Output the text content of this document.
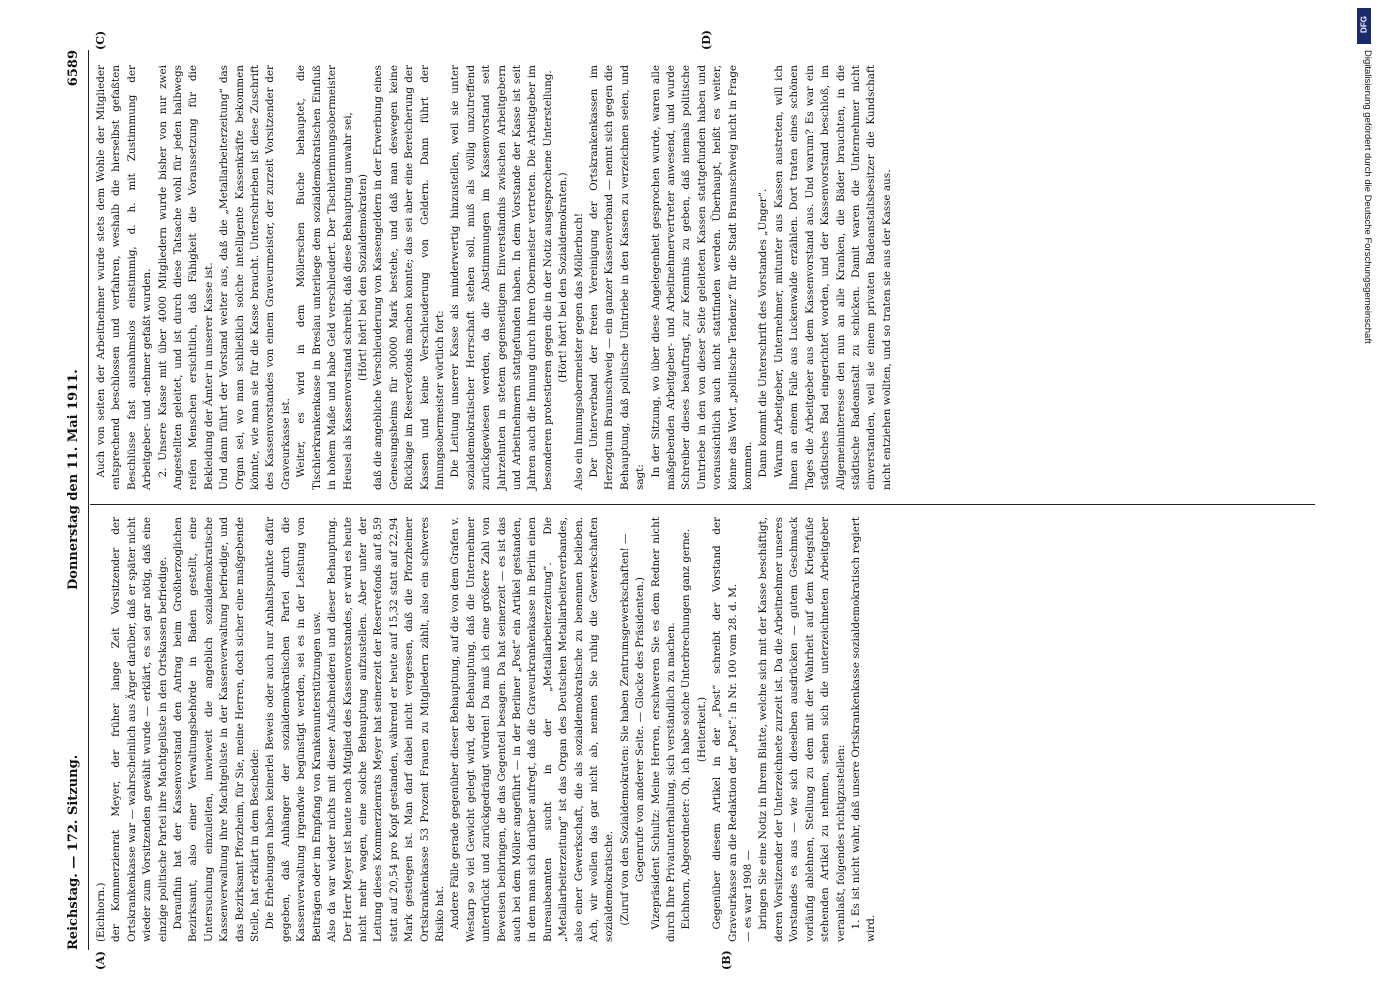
Reichstag. — 172. Sitzung.
Donnerstag den 11. Mai 1911.
6589
(A)	(B)
(C)	(D)

(Eichhorn.) der Kommerzienrat Meyer, der früher lange Zeit Vorsitzender der Ortskrankenkasse war — wahrscheinlich aus Ärger darüber, daß er später nicht wieder zum Vorsitzenden gewählt wurde — erklärt, es sei gar nötig, daß eine einzige politische Partei ihre Machtgelüste in den Ortskassen befriedige. Daraufhin hat der Kassenvorstand den Antrag beim Großherzoglichen Bezirksamt, also einer Verwaltungsbehörde in Baden gestellt, eine Untersuchung einzuleiten, inwieweit die angeblich sozialdemokratische Kassenverwaltung ihre Machtgelüste in der Kassenverwaltung befriedige, und das Bezirksamt Pforzheim, für Sie, meine Herren, doch sicher eine maßgebende Stelle, hat erklärt in dem Bescheide: Die Erhebungen haben keinerlei Beweis oder auch nur Anhaltspunkte dafür gegeben, daß Anhänger der sozialdemokratischen Partei durch die Kassenverwaltung irgendwie begünstigt werden, sei es in der Leistung von Beiträgen oder im Empfang von Krankenunterstützungen usw. Also da war wieder nichts mit dieser Aufschneiderei und dieser Behauptung. Der Herr Meyer ist heute noch Mitglied des Kassenvorstandes, er wird es heute nicht mehr wagen, eine solche Behauptung aufzustellen. Aber unter der Leitung dieses Kommerzienrats Meyer hat seinerzeit der Reservefonds auf 8,59 statt auf 20,54 pro Kopf gestanden, während er heute auf 15,32 statt auf 22,94 Mark gestiegen ist. Man darf dabei nicht vergessen, daß die Pforzheimer Ortskrankenkasse 53 Prozent Frauen zu Mitgliedern zählt, also ein schweres Risiko hat. Andere Fälle gerade gegenüber dieser Behauptung, auf die von dem Grafen v. Westarp so viel Gewicht gelegt wird, der Behauptung, daß die Unternehmer unterdrückt und zurückgedrängt würden! Da muß ich eine größere Zahl von Beweisen beibringen, die das Gegenteil besagen. Da hat seinerzeit — es ist das auch bei dem Möller angeführt — in der Berliner „Post“ ein Artikel gestanden, in dem man sich darüber aufregt, daß die Graveurkrankenkasse in Berlin einen Bureaubeamten sucht in der „Metallarbeiterzeitung“. Die „Metallarbeiterzeitung“ ist das Organ des Deutschen Metallarbeiterverbandes, also einer Gewerkschaft, die als sozialdemokratische zu benennen belieben. Ach, wir wollen das gar nicht ab, nennen Sie ruhig die Gewerkschaften sozialdemokratische. (Zuruf von den Sozialdemokraten: Sie haben Zentrumsgewerkschaften! — Gegenrufe von anderer Seite. — Glocke des Präsidenten.) Vizepräsident Schultz: Meine Herren, erschweren Sie es dem Redner nicht durch Ihre Privatunterhaltung, sich verständlich zu machen. Eichhorn, Abgeordneter: Oh, ich habe solche Unterbrechungen ganz gerne. (Heiterkeit.) Gegenüber diesem Artikel in der „Post“ schreibt der Vorstand der Graveurkasse an die Redaktion der „Post“: In Nr. 100 vom 28. d. M. — es war 1908 — bringen Sie eine Notiz in Ihrem Blatte, welche sich mit der Kasse beschäftigt, deren Vorsitzender der Unterzeichnete zurzeit ist. Da die Arbeitnehmer unseres Vorstandes es aus — wie sich dieselben ausdrücken — gutem Geschmack vorläufig ablehnen, Stellung zu dem mit der Wahrheit auf dem Kriegsfuße stehenden Artikel zu nehmen, sehen sich die unterzeichneten Arbeitgeber veranlaßt, folgendes richtigzustellen: 1. Es ist nicht wahr, daß unsere Ortskrankenkasse sozialdemokratisch regiert wird.

Auch von seiten der Arbeitnehmer wurde stets dem Wohle der Mitglieder entsprechend beschlossen und verfahren, weshalb die hierselbst gefaßten Beschlüsse fast ausnahmslos einstimmig, d. h. mit Zustimmung der Arbeitgeber- und -nehmer gefaßt wurden. 2. Unsere Kasse mit über 4000 Mitgliedern wurde bisher von nur zwei Angestellten geleitet, und ist durch diese Tatsache wohl für jeden halbwegs reifen Menschen ersichtlich, daß Fähigkeit die Voraussetzung für die Bekleidung der Ämter in unserer Kasse ist. Und dann führt der Vorstand weiter aus, daß die „Metallarbeiterzeitung“ das Organ sei, wo man schließlich solche intelligente Kassenkräfte bekommen könnte, wie man sie für die Kasse braucht. Unterschrieben ist diese Zuschrift des Kassenvorstandes von einem Graveurmeister, der zurzeit Vorsitzender der Graveurkasse ist. Weiter, es wird in dem Möllerschen Buche behauptet, die Tischlerkrankenkasse in Breslau unterliege dem sozialdemokratischen Einfluß in hohem Maße und habe Geld verschleudert. Der Tischlerinnungsobermeister Heusel als Kassenvorstand schreibt, daß diese Behauptung unwahr sei, (Hört! hört! bei den Sozialdemokraten) daß die angebliche Verschleuderung von Kassengeldern in der Erwerbung eines Genesungsheims für 30000 Mark bestehe, und daß man deswegen keine Rücklage im Reservefonds machen konnte; das sei aber eine Bereicherung der Kassen und keine Verschleuderung von Geldern. Dann führt der Innungsobermeister wörtlich fort: Die Leitung unserer Kasse als minderwertig hinzustellen, weil sie unter sozialdemokratischer Herrschaft stehen soll, muß als völlig unzutreffend zurückgewiesen werden, da die Abstimmungen im Kassenvorstand seit Jahrzehnten in stetem gegenseitigem Einverständnis zwischen Arbeitgebern und Arbeitnehmern stattgefunden haben. In dem Vorstande der Kasse ist seit Jahren auch die Innung durch ihren Obermeister vertreten. Die Arbeitgeber im besonderen protestieren gegen die in der Notiz ausgesprochene Unterstellung. (Hört! hört! bei den Sozialdemokraten.) Also ein Innungsobermeister gegen das Möllerbuch! Der Unterverband der freien Vereinigung der Ortskrankenkassen im Herzogtum Braunschweig — ein ganzer Kassenverband — nennt sich gegen die Behauptung, daß politische Umtriebe in den Kassen zu verzeichnen seien, und sagt: In der Sitzung, wo über diese Angelegenheit gesprochen wurde, waren alle maßgebenden Arbeitgeber- und Arbeitnehmervertreter anwesend, und wurde Schreiber dieses beauftragt, zur Kenntnis zu geben, daß niemals politische Umtriebe in den von dieser Seite geleiteten Kassen stattgefunden haben und voraussichtlich auch nicht stattfinden werden. Überhaupt, heißt es weiter, könne das Wort „politische Tendenz“ für die Stadt Braunschweig nicht in Frage kommen. Dann kommt die Unterschrift des Vorstandes „Unger“. Warum Arbeitgeber, Unternehmer, mitunter aus Kassen austreten, will ich Ihnen an einem Falle aus Luckenwalde erzählen. Dort traten eines schönen Tages die Arbeitgeber aus dem Kassenvorstand aus. Und warum? Es war ein städtisches Bad eingerichtet worden, und der Kassenvorstand beschloß, im Allgemeininteresse den nun an alle Kranken, die Bäder brauchten, in die städtische Badeanstalt zu schicken. Damit waren die Unternehmer nicht einverstanden, weil sie einem privaten Badeanstaltsbesitzer die Kundschaft nicht entziehen wollten, und so traten sie aus der Kasse aus.

DFG
Digitalisierung gefördert durch die Deutsche Forschungsgemeinschaft
